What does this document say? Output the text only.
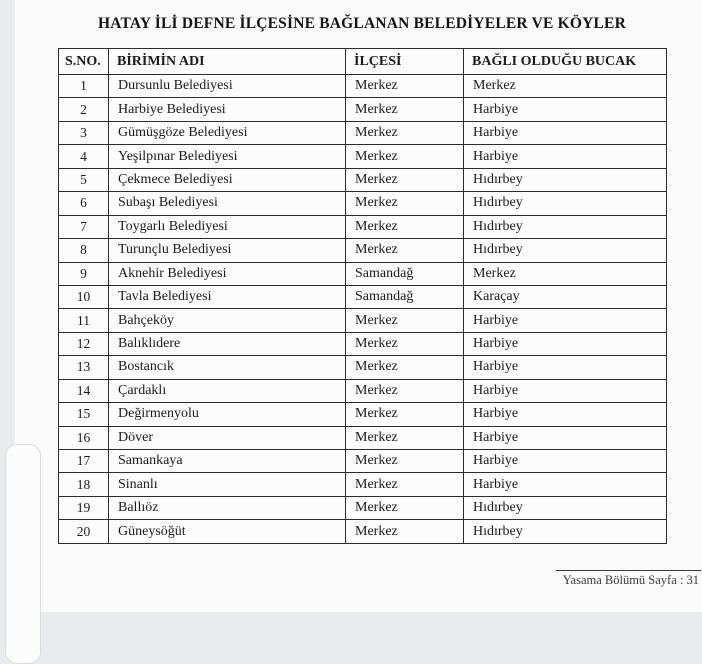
HATAY İLİ DEFNE İLÇESİNE BAĞLANAN BELEDİYELER VE KÖYLER
S.NO.	BİRİMİN ADI	İLÇESİ	BAĞLI OLDUĞU BUCAK
1	Dursunlu Belediyesi	Merkez	Merkez
2	Harbiye Belediyesi	Merkez	Harbiye
3	Gümüşgöze Belediyesi	Merkez	Harbiye
4	Yeşilpınar Belediyesi	Merkez	Harbiye
5	Çekmece Belediyesi	Merkez	Hıdırbey
6	Subaşı Belediyesi	Merkez	Hıdırbey
7	Toygarlı Belediyesi	Merkez	Hıdırbey
8	Turunçlu Belediyesi	Merkez	Hıdırbey
9	Aknehir Belediyesi	Samandağ	Merkez
10	Tavla Belediyesi	Samandağ	Karaçay
11	Bahçeköy	Merkez	Harbiye
12	Balıklıdere	Merkez	Harbiye
13	Bostancık	Merkez	Harbiye
14	Çardaklı	Merkez	Harbiye
15	Değirmenyolu	Merkez	Harbiye
16	Döver	Merkez	Harbiye
17	Samankaya	Merkez	Harbiye
18	Sinanlı	Merkez	Harbiye
19	Ballıöz	Merkez	Hıdırbey
20	Güneysöğüt	Merkez	Hıdırbey
Yasama Bölümü Sayfa : 31
